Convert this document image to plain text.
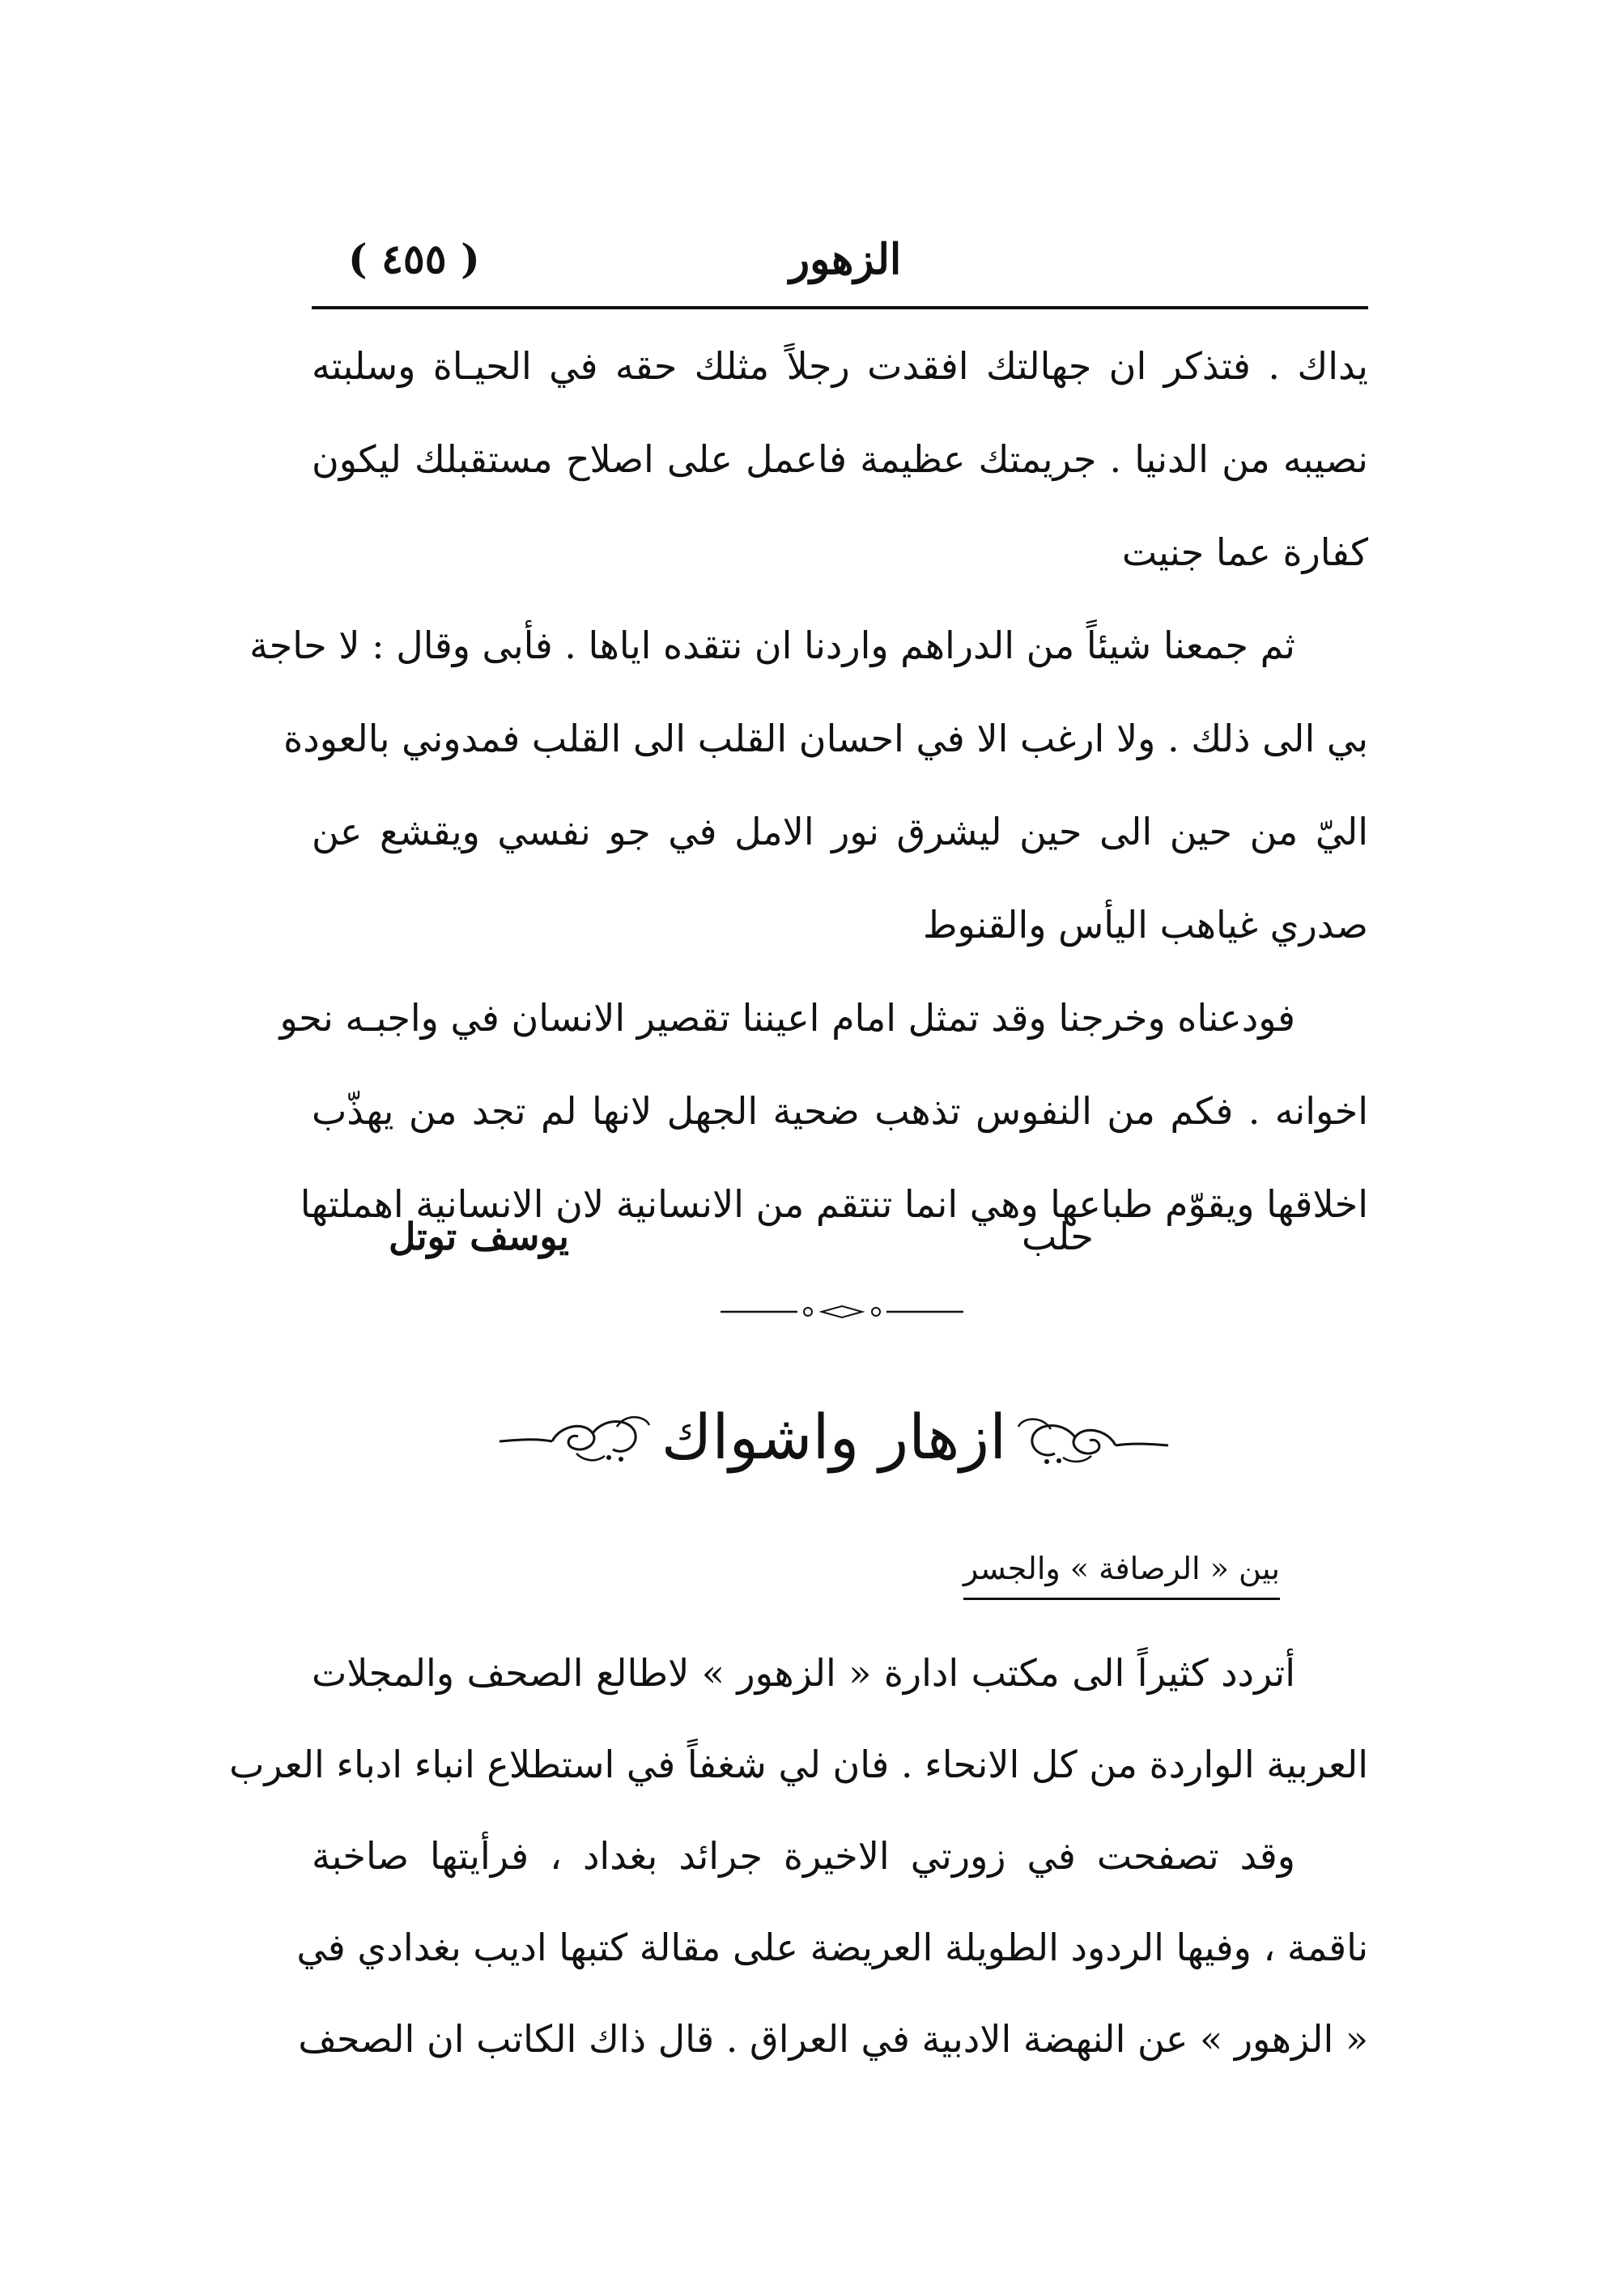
( ٤٥٥ )	الزهور
يداك . فتذكر ان جهالتك افقدت رجلاً مثلك حقه في الحيـاة وسلبته
نصيبه من الدنيا . جريمتك عظيمة فاعمل على اصلاح مستقبلك ليكون
كفارة عما جنيت
ثم جمعنا شيئاً من الدراهم واردنا ان نتقده اياها . فأبى وقال : لا حاجة
بي الى ذلك . ولا ارغب الا في احسان القلب الى القلب فمدوني بالعودة
اليّ من حين الى حين ليشرق نور الامل في جو نفسي ويقشع عن
صدري غياهب اليأس والقنوط
فودعناه وخرجنا وقد تمثل امام اعيننا تقصير الانسان في واجبـه نحو
اخوانه . فكم من النفوس تذهب ضحية الجهل لانها لم تجد من يهذّب
اخلاقها ويقوّم طباعها وهي انما تنتقم من الانسانية لان الانسانية اهملتها
حلب
يوسف توتل
ازهار واشواك
بين « الرصافة » والجسر
أتردد كثيراً الى مكتب ادارة « الزهور » لاطالع الصحف والمجلات
العربية الواردة من كل الانحاء . فان لي شغفاً في استطلاع انباء ادباء العرب
وقد تصفحت في زورتي الاخيرة جرائد بغداد ، فرأيتها صاخبة
ناقمة ، وفيها الردود الطويلة العريضة على مقالة كتبها اديب بغدادي في
« الزهور » عن النهضة الادبية في العراق . قال ذاك الكاتب ان الصحف
